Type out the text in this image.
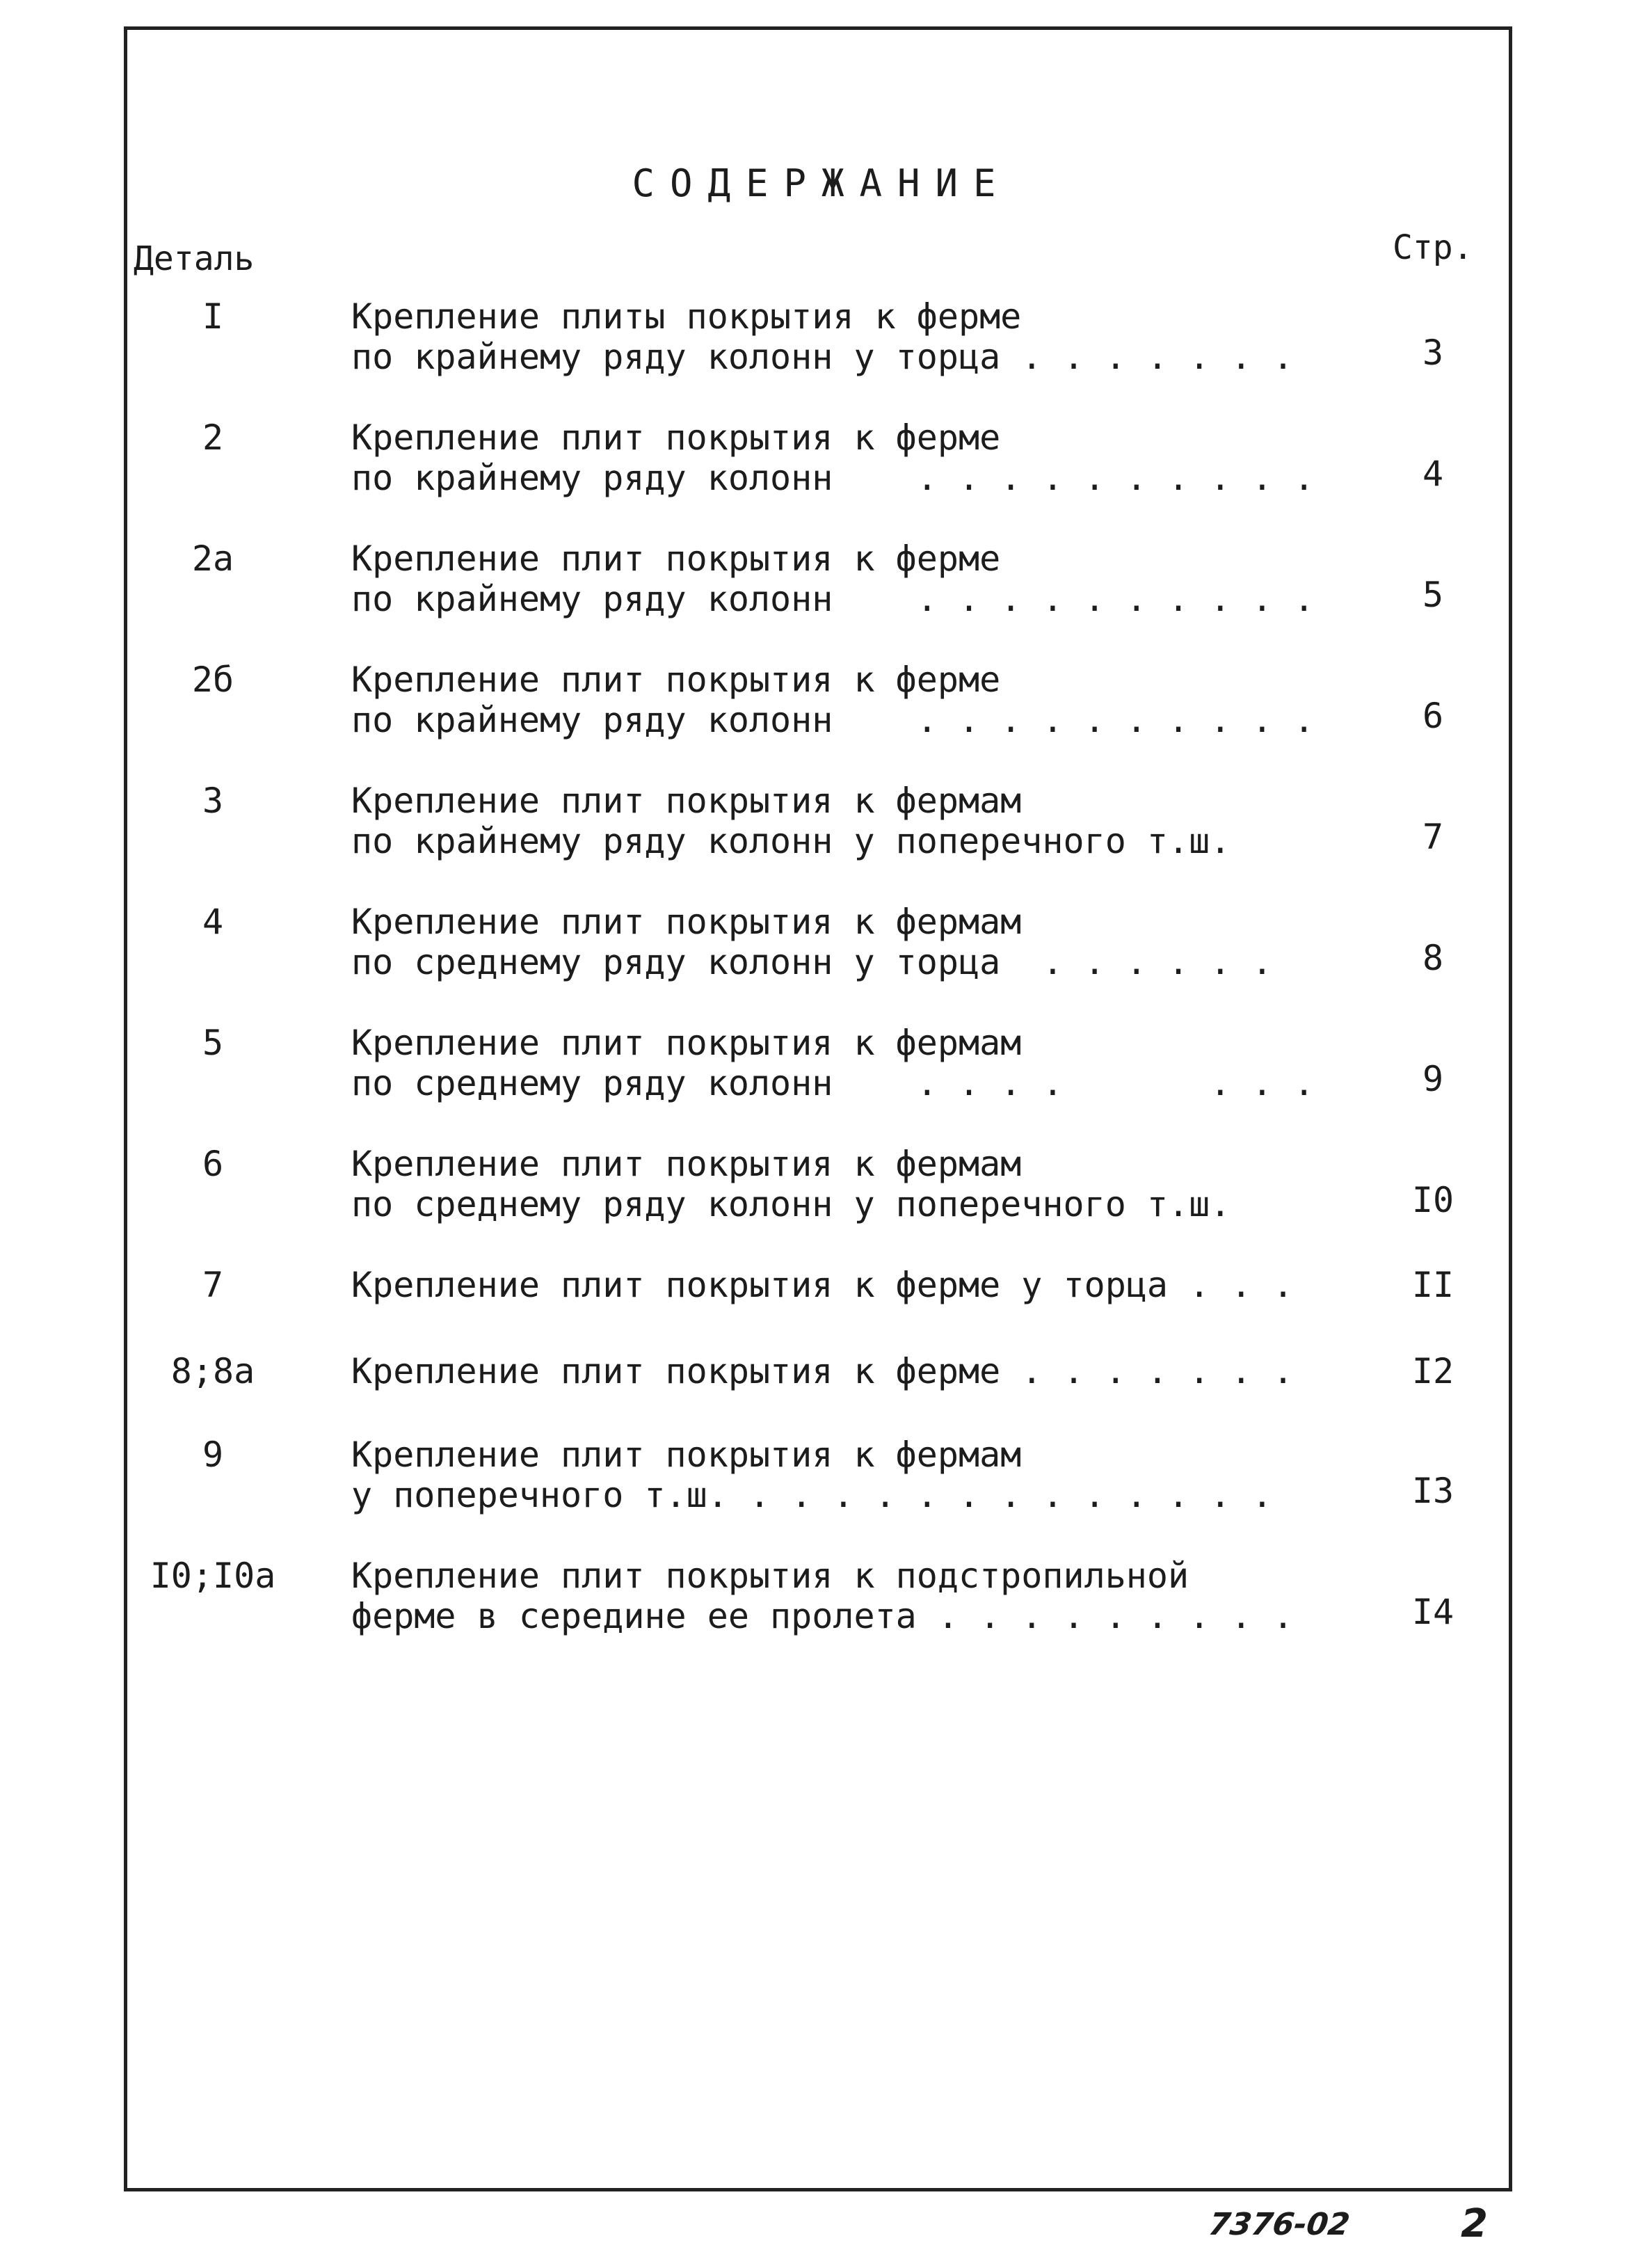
СОДЕРЖАНИЕ
Деталь	Стр.
I	Крепление плиты покрытия к ферме
по крайнему ряду колонн у торца . . . . . . .	3
2	Крепление плит покрытия к ферме
по крайнему ряду колонн    . . . . . . . . . .	4
2а	Крепление плит покрытия к ферме
по крайнему ряду колонн    . . . . . . . . . .	5
2б	Крепление плит покрытия к ферме
по крайнему ряду колонн    . . . . . . . . . .	6
3	Крепление плит покрытия к фермам
по крайнему ряду колонн у поперечного т.ш.	7
4	Крепление плит покрытия к фермам
по среднему ряду колонн у торца  . . . . . .	8
5	Крепление плит покрытия к фермам
по среднему ряду колонн    . . . .       . . .	9
6	Крепление плит покрытия к фермам
по среднему ряду колонн у поперечного т.ш.	I0
7	Крепление плит покрытия к ферме у торца . . .	II
8;8а	Крепление плит покрытия к ферме . . . . . . .	I2
9	Крепление плит покрытия к фермам
у поперечного т.ш. . . . . . . . . . . . . .	I3
I0;I0а	Крепление плит покрытия к подстропильной
ферме в середине ее пролета . . . . . . . . .	I4
7376-02	2
